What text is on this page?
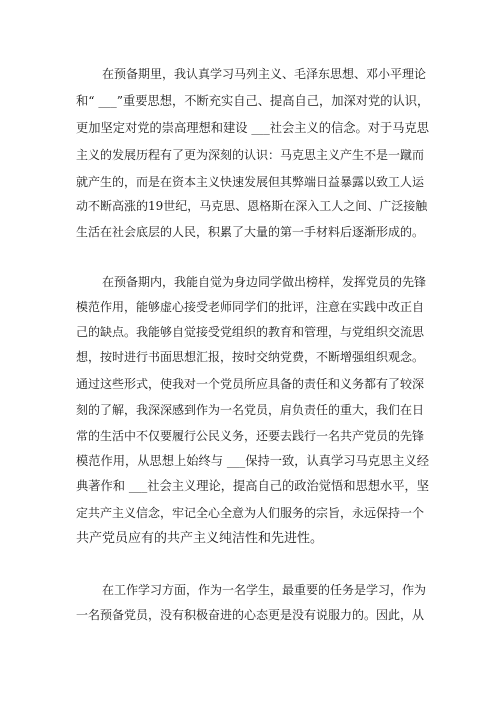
在预备期里，我认真学习马列主义、毛泽东思想、邓小平理论
和“ ___”重要思想，不断充实自己、提高自己，加深对党的认识，
更加坚定对党的崇高理想和建设 ___社会主义的信念。对于马克思
主义的发展历程有了更为深刻的认识：马克思主义产生不是一蹴而
就产生的，而是在资本主义快速发展但其弊端日益暴露以致工人运
动不断高涨的19世纪，马克思、恩格斯在深入工人之间、广泛接触
生活在社会底层的人民，积累了大量的第一手材料后逐渐形成的。
在预备期内，我能自觉为身边同学做出榜样，发挥党员的先锋
模范作用，能够虚心接受老师同学们的批评，注意在实践中改正自
己的缺点。我能够自觉接受党组织的教育和管理，与党组织交流思
想，按时进行书面思想汇报，按时交纳党费，不断增强组织观念。
通过这些形式，使我对一个党员所应具备的责任和义务都有了较深
刻的了解，我深深感到作为一名党员，肩负责任的重大，我们在日
常的生活中不仅要履行公民义务，还要去践行一名共产党员的先锋
模范作用，从思想上始终与 ___保持一致，认真学习马克思主义经
典著作和 ___社会主义理论，提高自己的政治觉悟和思想水平，坚
定共产主义信念，牢记全心全意为人们服务的宗旨，永远保持一个
共产党员应有的共产主义纯洁性和先进性。
在工作学习方面，作为一名学生，最重要的任务是学习，作为
一名预备党员，没有积极奋进的心态更是没有说服力的。因此，从
